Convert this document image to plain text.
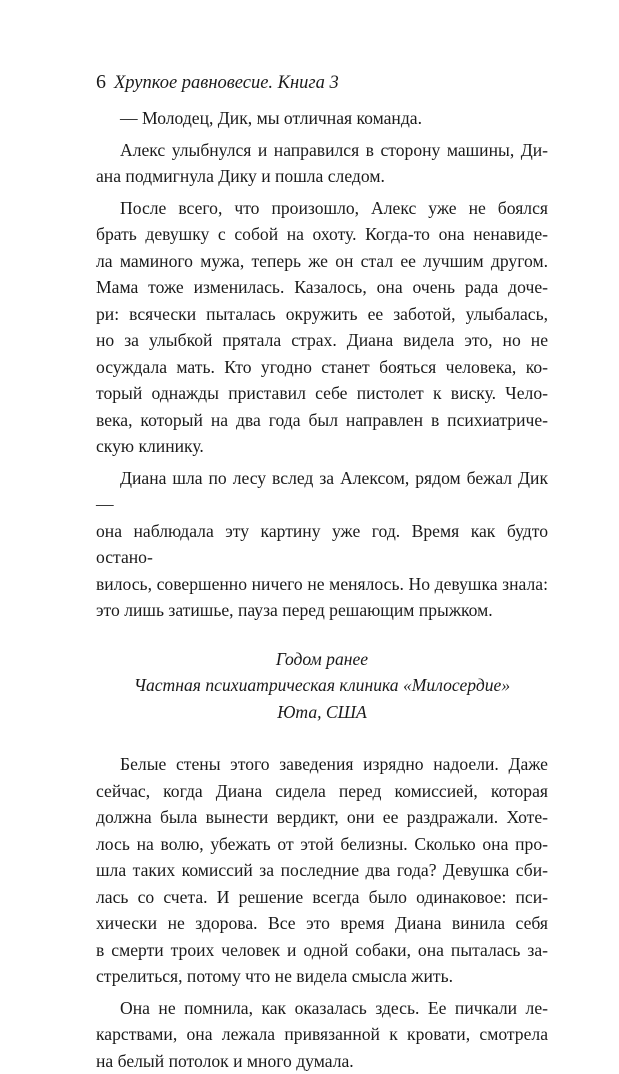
6 Хрупкое равновесие. Книга 3

— Молодец, Дик, мы отличная команда.

Алекс улыбнулся и направился в сторону машины, Ди-

ана подмигнула Дику и пошла следом.

После всего, что произошло, Алекс уже не боялся

брать девушку с собой на охоту. Когда-то она ненавиде-

ла маминого мужа, теперь же он стал ее лучшим другом.

Мама тоже изменилась. Казалось, она очень рада дочe-

ри: всячески пыталась окружить ее заботой, улыбалась,

но за улыбкой прятала страх. Диана видела это, но не

осуждала мать. Кто угодно станет бояться человека, ко-

торый однажды приставил себе пистолет к виску. Чело-

века, который на два года был направлен в психиатриче-

скую клинику.

Диана шла по лесу вслед за Алексом, рядом бежал Дик —

она наблюдала эту картину уже год. Время как будто остано-

вилось, совершенно ничего не менялось. Но девушка знала:

это лишь затишье, пауза перед решающим прыжком.

Годом ранее
Частная психиатрическая клиника «Милосердие»
Юта, США

Белые стены этого заведения изрядно надоели. Даже

сейчас, когда Диана сидела перед комиссией, которая

должна была вынести вердикт, они ее раздражали. Хоте-

лось на волю, убежать от этой белизны. Сколько она про-

шла таких комиссий за последние два года? Девушка сби-

лась со счета. И решение всегда было одинаковое: пси-

хически не здорова. Все это время Диана винила себя

в смерти троих человек и одной собаки, она пыталась за-

стрелиться, потому что не видела смысла жить.

Она не помнила, как оказалась здесь. Ее пичкали ле-

карствами, она лежала привязанной к кровати, смотрела

на белый потолок и много думала.
